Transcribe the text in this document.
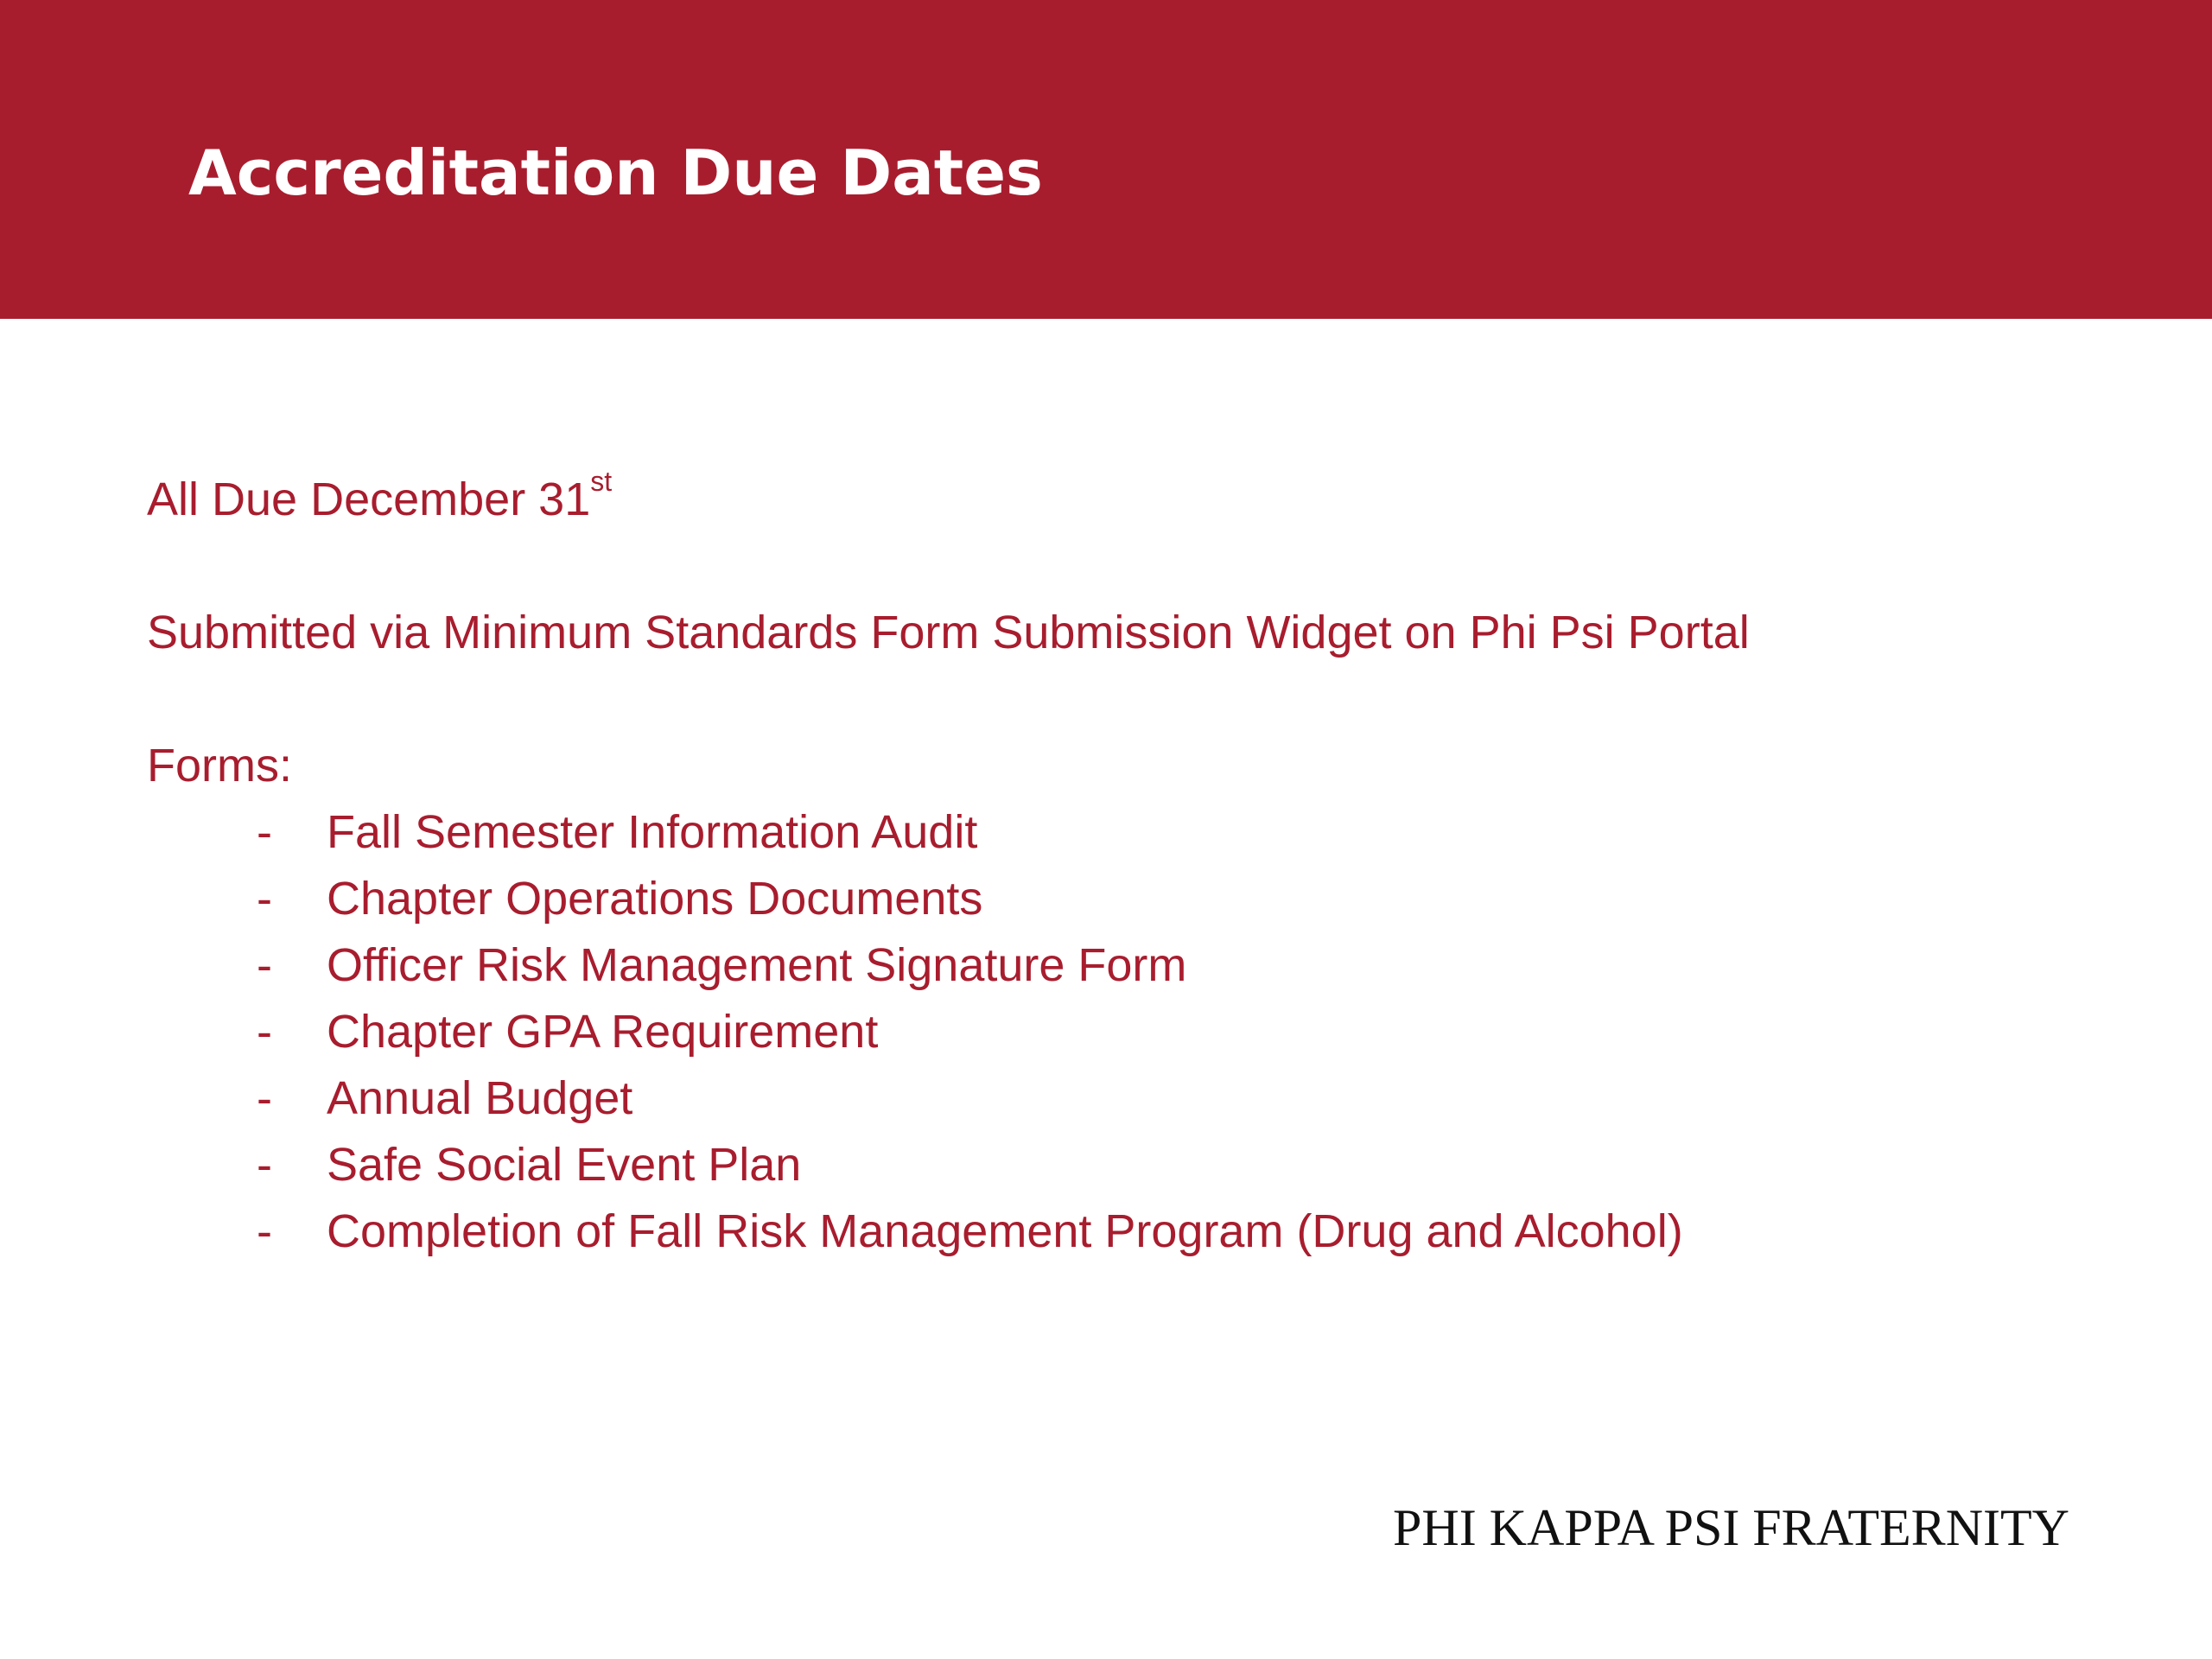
Accreditation Due Dates

All Due December 31st

Submitted via Minimum Standards Form Submission Widget on Phi Psi Portal

Forms:

- Fall Semester Information Audit
- Chapter Operations Documents
- Officer Risk Management Signature Form
- Chapter GPA Requirement
- Annual Budget
- Safe Social Event Plan
- Completion of Fall Risk Management Program (Drug and Alcohol)

PHI KAPPA PSI FRATERNITY
